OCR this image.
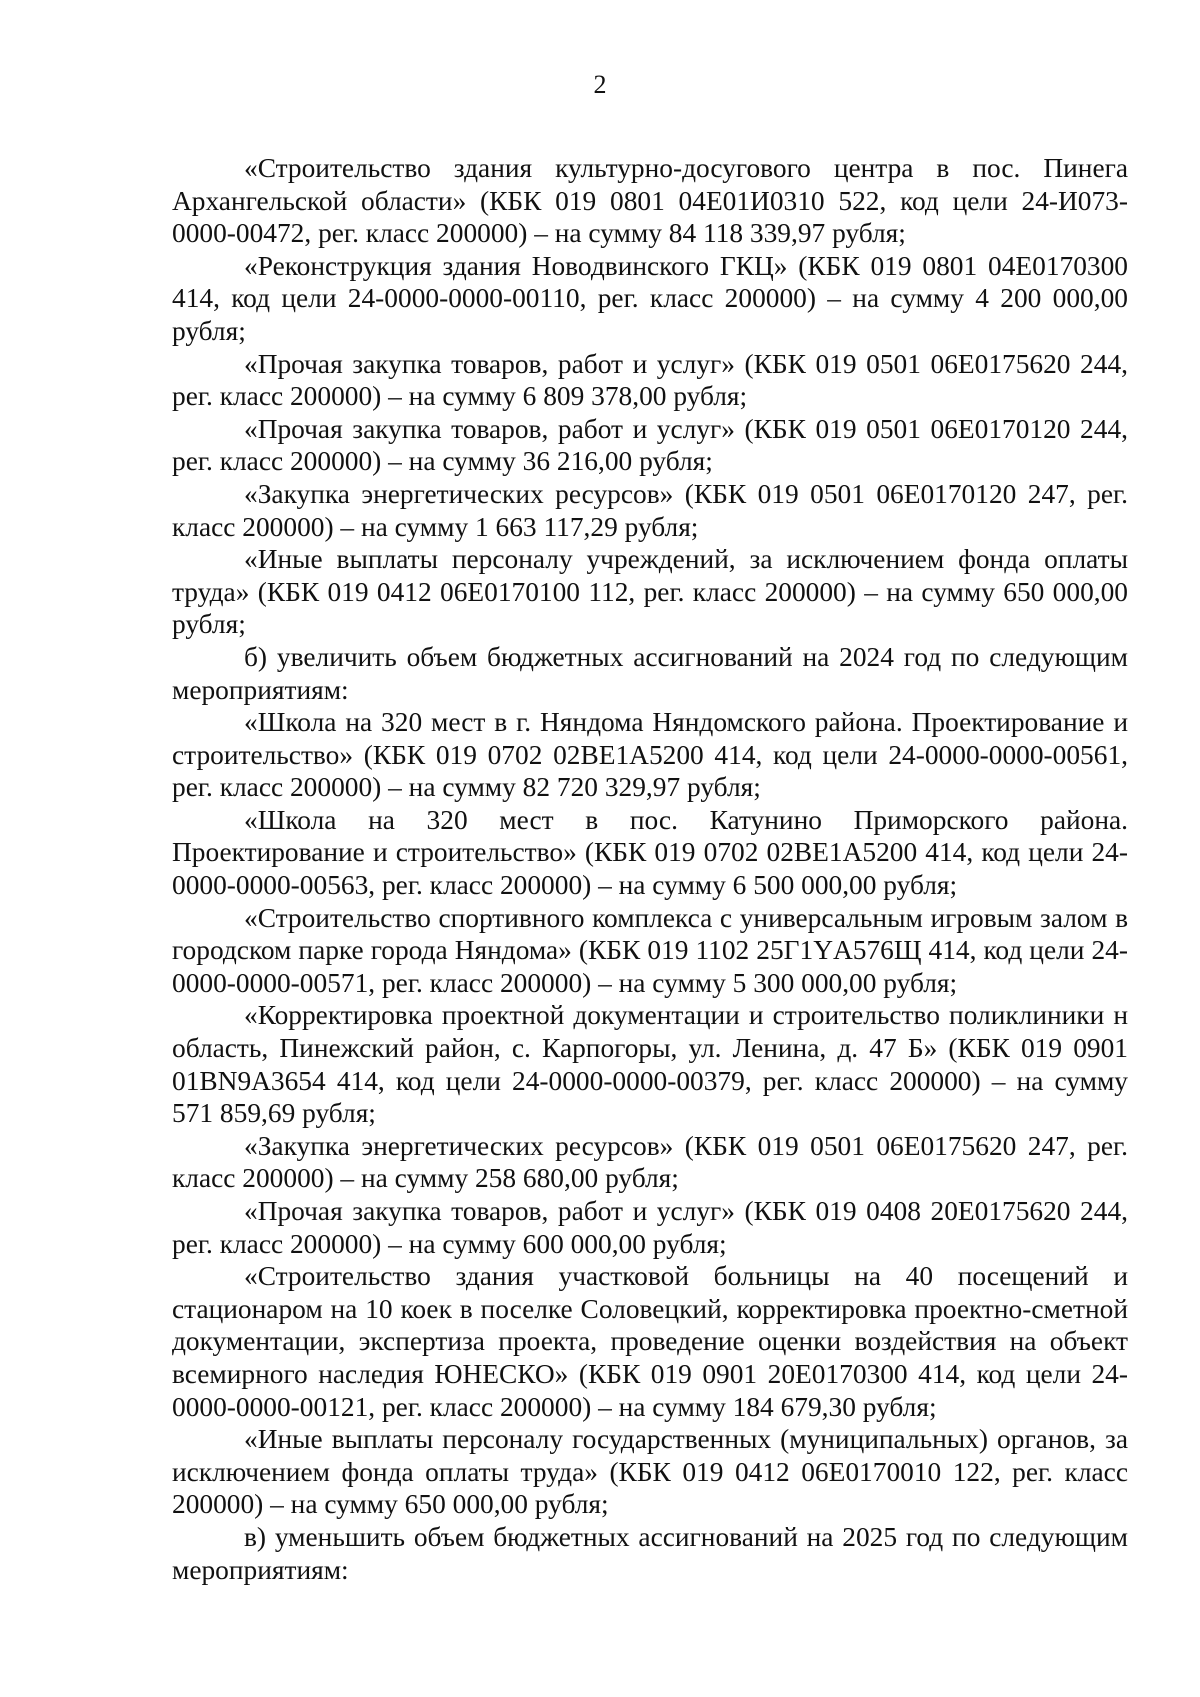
2

«Строительство здания культурно-досугового центра в пос. Пинега Архангельской области» (КБК 019 0801 04Е01И0310 522, код цели 24-И073-0000-00472, рег. класс 200000) – на сумму 84 118 339,97 рубля;

«Реконструкция здания Новодвинского ГКЦ» (КБК 019 0801 04Е0170300 414, код цели 24-0000-0000-00110, рег. класс 200000) – на сумму 4 200 000,00 рубля;

«Прочая закупка товаров, работ и услуг» (КБК 019 0501 06Е0175620 244, рег. класс 200000) – на сумму 6 809 378,00 рубля;

«Прочая закупка товаров, работ и услуг» (КБК 019 0501 06Е0170120 244, рег. класс 200000) – на сумму 36 216,00 рубля;

«Закупка энергетических ресурсов» (КБК 019 0501 06Е0170120 247, рег. класс 200000) – на сумму 1 663 117,29 рубля;

«Иные выплаты персоналу учреждений, за исключением фонда оплаты труда» (КБК 019 0412 06Е0170100 112, рег. класс 200000) – на сумму 650 000,00 рубля;

б) увеличить объем бюджетных ассигнований на 2024 год по следующим мероприятиям:

«Школа на 320 мест в г. Няндома Няндомского района. Проектирование и строительство» (КБК 019 0702 02ВЕ1А5200 414, код цели 24-0000-0000-00561, рег. класс 200000) – на сумму 82 720 329,97 рубля;

«Школа на 320 мест в пос. Катунино Приморского района. Проектирование и строительство» (КБК 019 0702 02ВЕ1А5200 414, код цели 24-0000-0000-00563, рег. класс 200000) – на сумму 6 500 000,00 рубля;

«Строительство спортивного комплекса с универсальным игровым залом в городском парке города Няндома» (КБК 019 1102 25Г1YА576Щ 414, код цели 24-0000-0000-00571, рег. класс 200000) – на сумму 5 300 000,00 рубля;

«Корректировка проектной документации и строительство поликлиники н область, Пинежский район, с. Карпогоры, ул. Ленина, д. 47 Б» (КБК 019 0901 01ВN9А3654 414, код цели 24-0000-0000-00379, рег. класс 200000) – на сумму 571 859,69 рубля;

«Закупка энергетических ресурсов» (КБК 019 0501 06Е0175620 247, рег. класс 200000) – на сумму 258 680,00 рубля;

«Прочая закупка товаров, работ и услуг» (КБК 019 0408 20Е0175620 244, рег. класс 200000) – на сумму 600 000,00 рубля;

«Строительство здания участковой больницы на 40 посещений и стационаром на 10 коек в поселке Соловецкий, корректировка проектно-сметной документации, экспертиза проекта, проведение оценки воздействия на объект всемирного наследия ЮНЕСКО» (КБК 019 0901 20Е0170300 414, код цели 24-0000-0000-00121, рег. класс 200000) – на сумму 184 679,30 рубля;

«Иные выплаты персоналу государственных (муниципальных) органов, за исключением фонда оплаты труда» (КБК 019 0412 06Е0170010 122, рег. класс 200000) – на сумму 650 000,00 рубля;

в) уменьшить объем бюджетных ассигнований на 2025 год по следующим мероприятиям:
